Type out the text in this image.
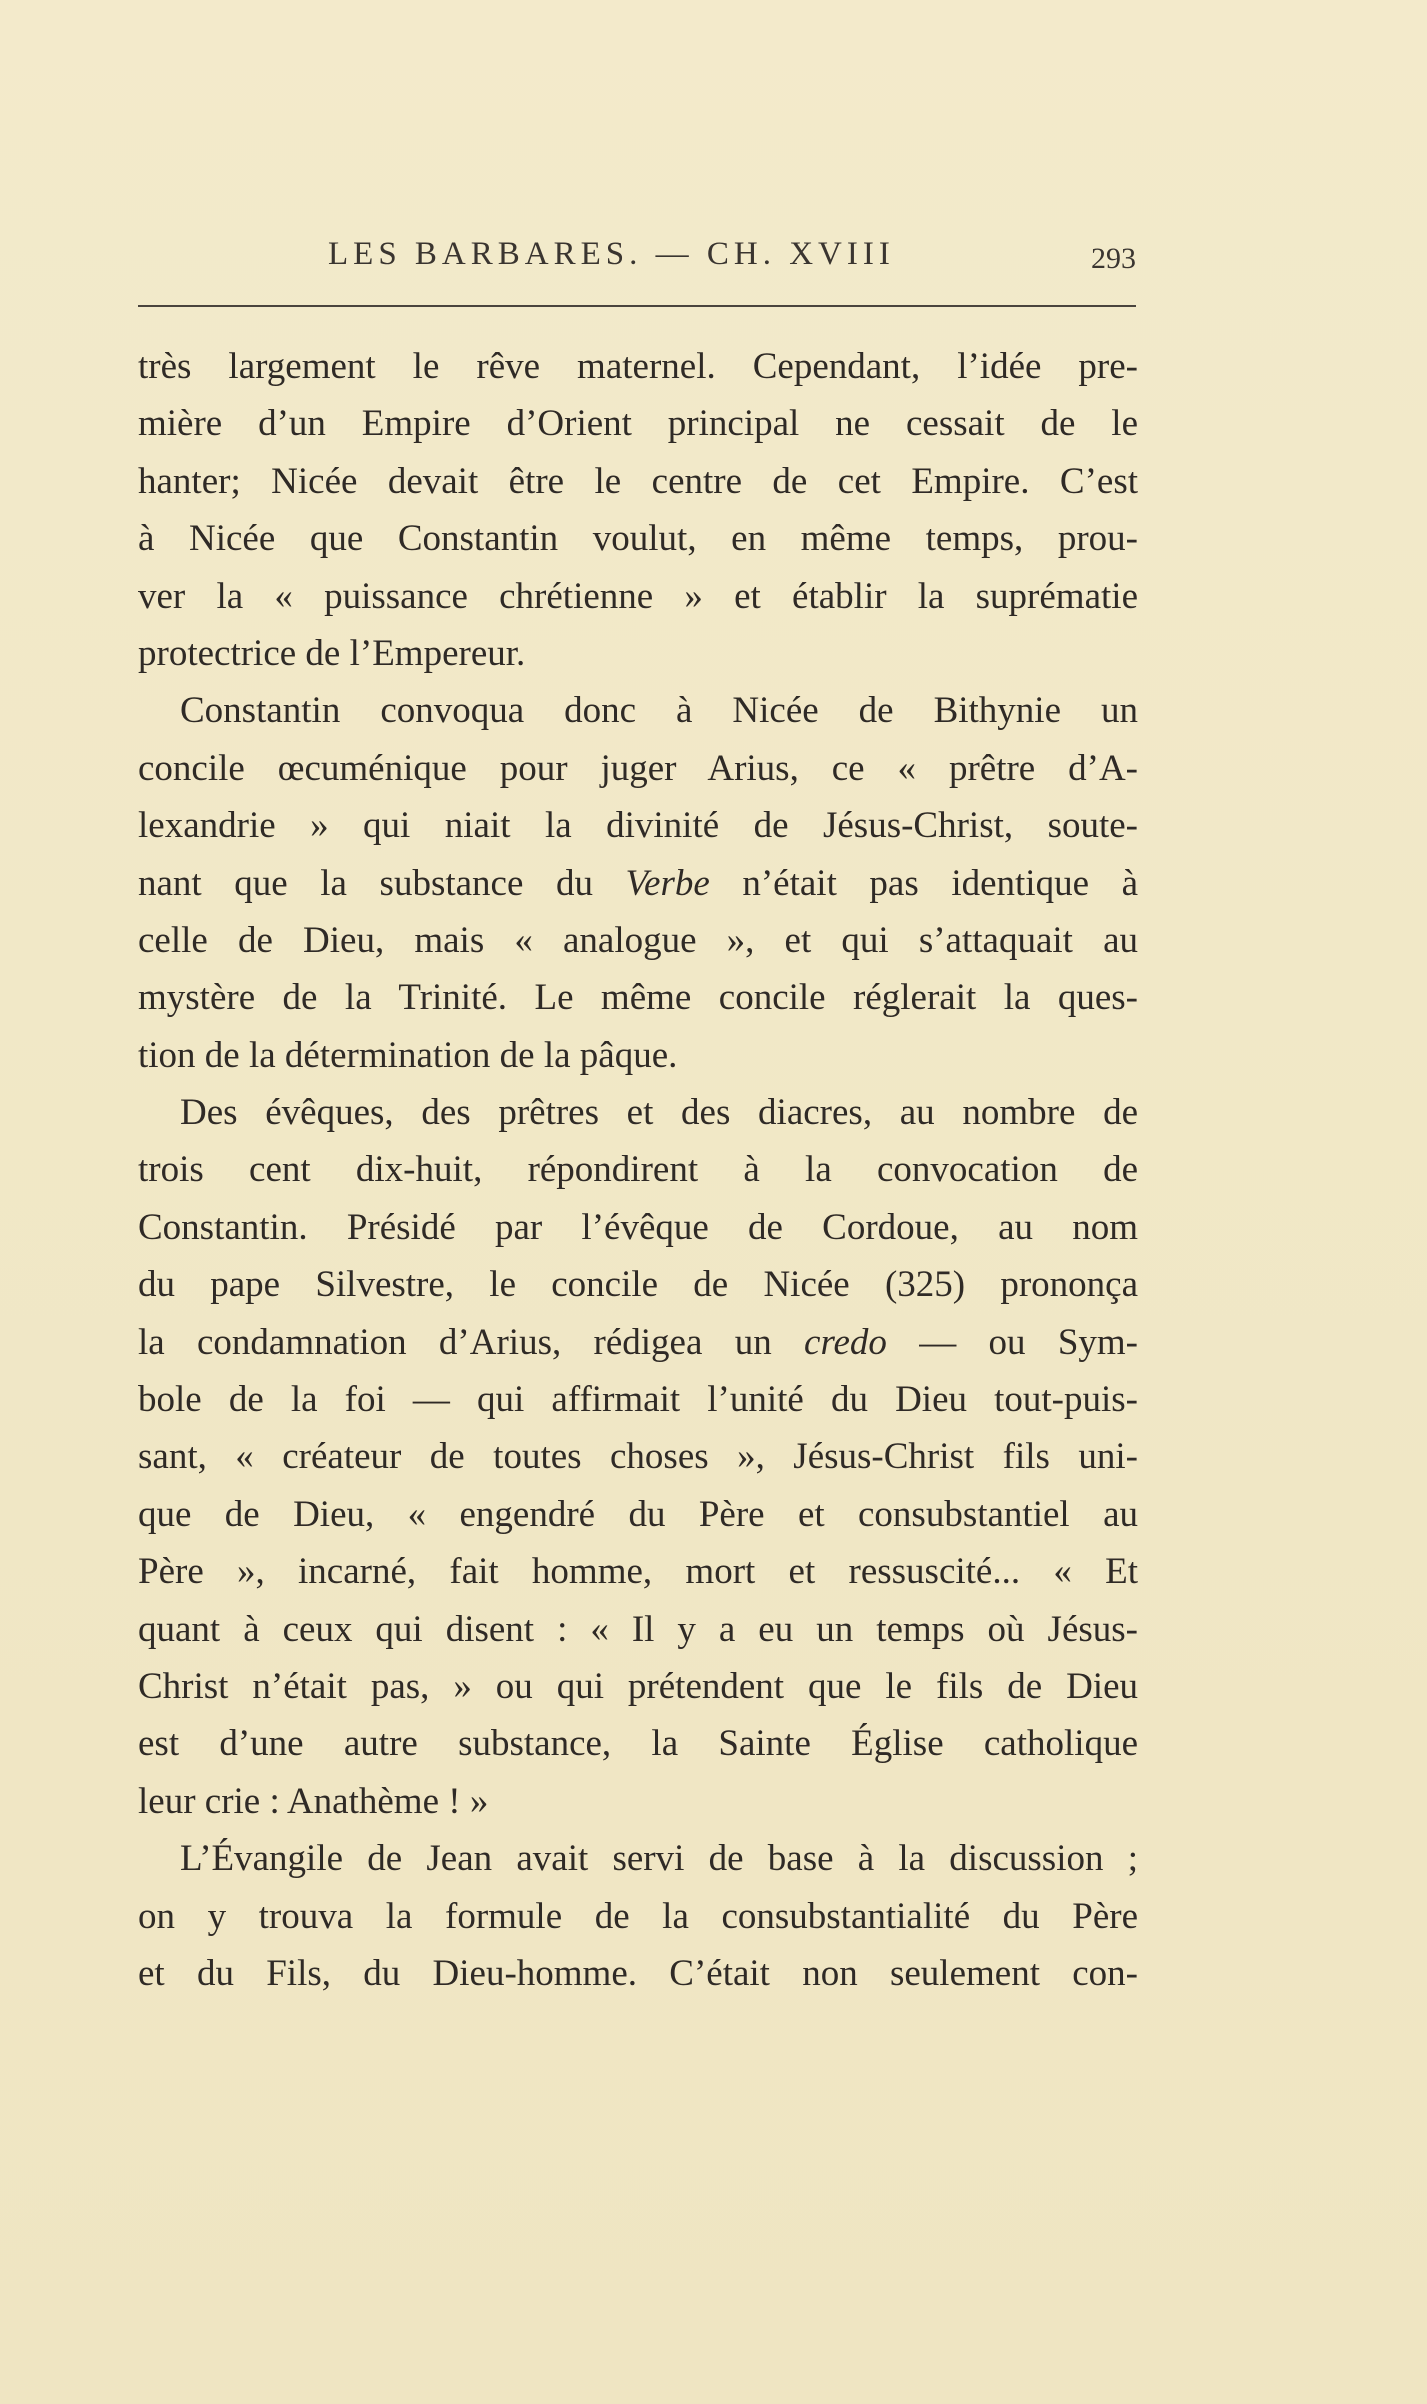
LES BARBARES. — CH. XVIII	293
très largement le rêve maternel. Cependant, l’idée pre-
mière d’un Empire d’Orient principal ne cessait de le
hanter; Nicée devait être le centre de cet Empire. C’est
à Nicée que Constantin voulut, en même temps, prou-
ver la « puissance chrétienne » et établir la suprématie
protectrice de l’Empereur.
Constantin convoqua donc à Nicée de Bithynie un
concile œcuménique pour juger Arius, ce « prêtre d’A-
lexandrie » qui niait la divinité de Jésus-Christ, soute-
nant que la substance du Verbe n’était pas identique à
celle de Dieu, mais « analogue », et qui s’attaquait au
mystère de la Trinité. Le même concile réglerait la ques-
tion de la détermination de la pâque.
Des évêques, des prêtres et des diacres, au nombre de
trois cent dix-huit, répondirent à la convocation de
Constantin. Présidé par l’évêque de Cordoue, au nom
du pape Silvestre, le concile de Nicée (325) prononça
la condamnation d’Arius, rédigea un credo — ou Sym-
bole de la foi — qui affirmait l’unité du Dieu tout-puis-
sant, « créateur de toutes choses », Jésus-Christ fils uni-
que de Dieu, « engendré du Père et consubstantiel au
Père », incarné, fait homme, mort et ressuscité... « Et
quant à ceux qui disent : « Il y a eu un temps où Jésus-
Christ n’était pas, » ou qui prétendent que le fils de Dieu
est d’une autre substance, la Sainte Église catholique
leur crie : Anathème ! »
L’Évangile de Jean avait servi de base à la discussion ;
on y trouva la formule de la consubstantialité du Père
et du Fils, du Dieu-homme. C’était non seulement con-
